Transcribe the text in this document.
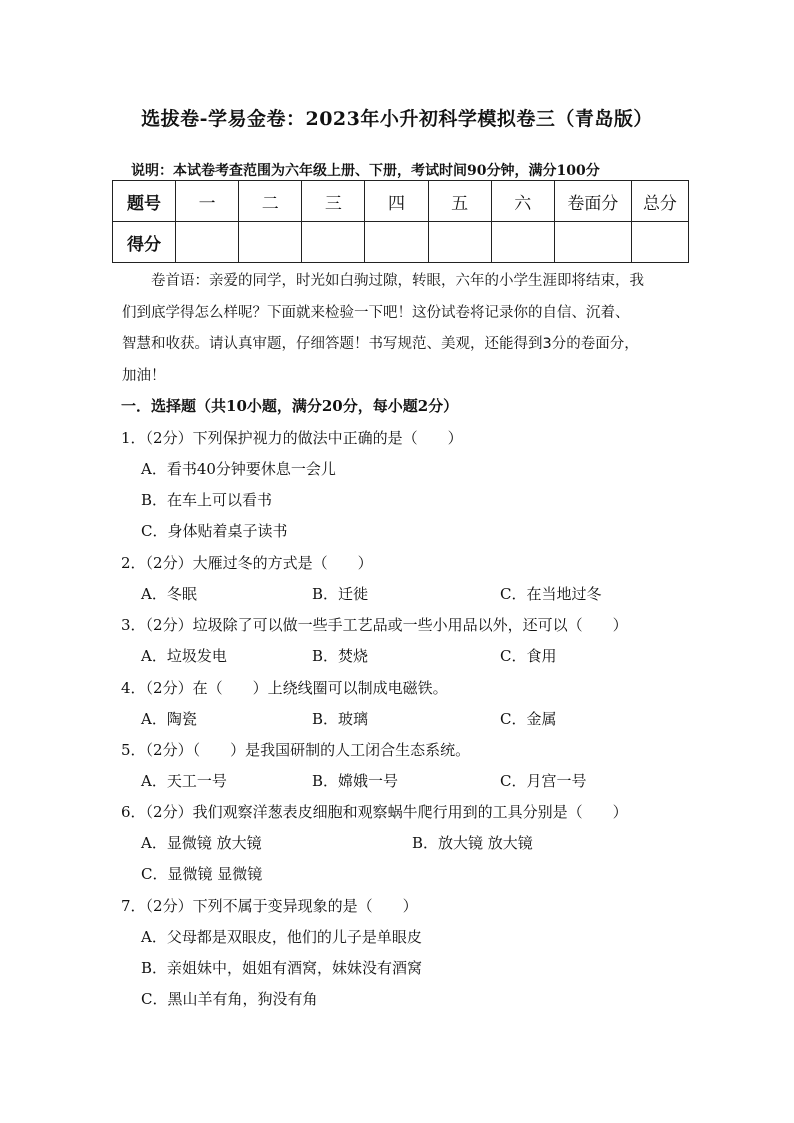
选拔卷-学易金卷：2023年小升初科学模拟卷三（青岛版）
说明：本试卷考查范围为六年级上册、下册，考试时间90分钟，满分100分
题号	一	二	三	四	五	六	卷面分	总分
得分								
卷首语：亲爱的同学，时光如白驹过隙，转眼，六年的小学生涯即将结束，我
们到底学得怎么样呢？下面就来检验一下吧！这份试卷将记录你的自信、沉着、
智慧和收获。请认真审题，仔细答题！书写规范、美观，还能得到3分的卷面分，
加油！
一．选择题（共10小题，满分20分，每小题2分）
1．（2分）下列保护视力的做法中正确的是（　　）
A．看书40分钟要休息一会儿
B．在车上可以看书
C．身体贴着桌子读书
2．（2分）大雁过冬的方式是（　　）
A．冬眠	B．迁徙	C．在当地过冬
3．（2分）垃圾除了可以做一些手工艺品或一些小用品以外，还可以（　　）
A．垃圾发电	B．焚烧	C．食用
4．（2分）在（　　）上绕线圈可以制成电磁铁。
A．陶瓷	B．玻璃	C．金属
5．（2分）（　　）是我国研制的人工闭合生态系统。
A．天工一号	B．嫦娥一号	C．月宫一号
6．（2分）我们观察洋葱表皮细胞和观察蜗牛爬行用到的工具分别是（　　）
A．显微镜 放大镜	B．放大镜 放大镜
C．显微镜 显微镜
7．（2分）下列不属于变异现象的是（　　）
A．父母都是双眼皮，他们的儿子是单眼皮
B．亲姐妹中，姐姐有酒窝，妹妹没有酒窝
C．黑山羊有角，狗没有角
